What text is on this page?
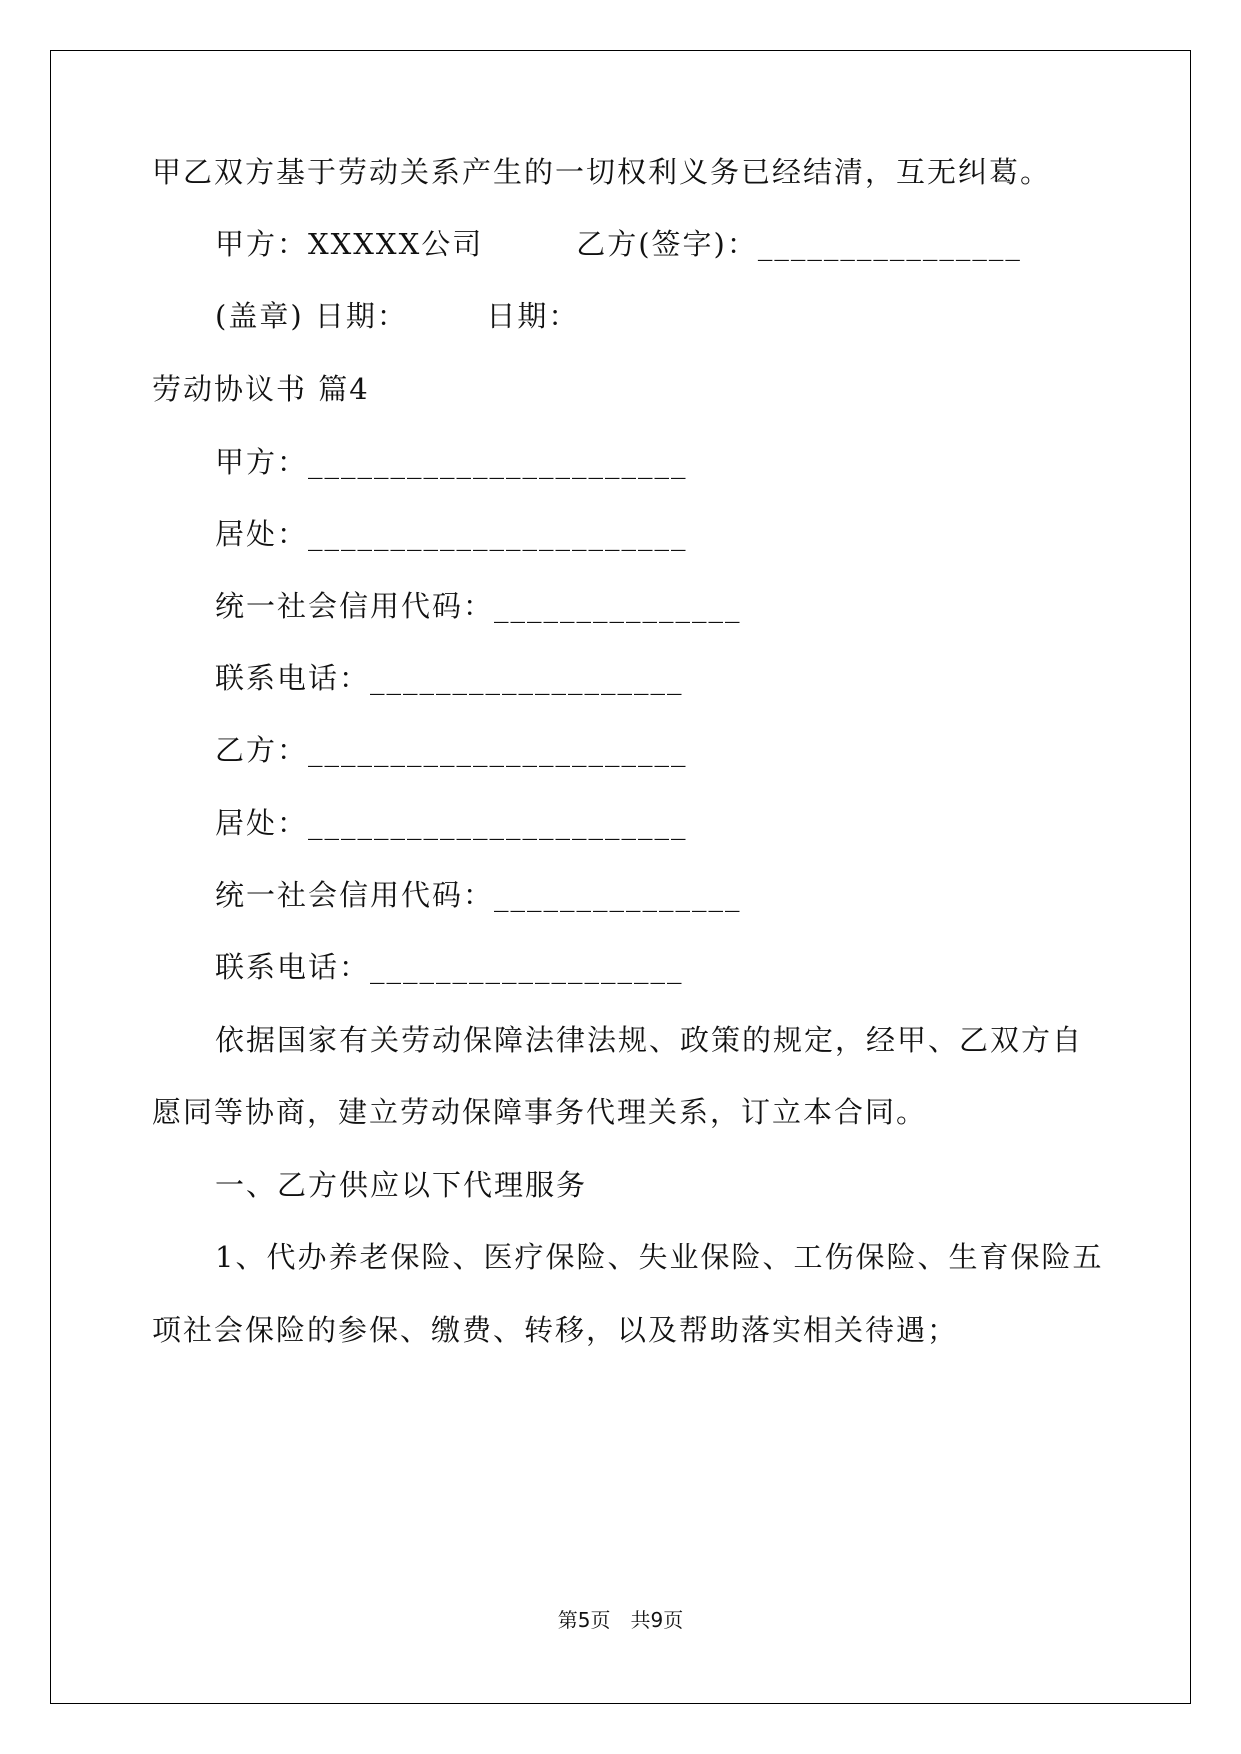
甲乙双方基于劳动关系产生的一切权利义务已经结清，互无纠葛。
甲方：XXXXX公司　　　乙方(签字)：________________
(盖章) 日期：　　　日期：
劳动协议书 篇4
甲方：_______________________
居处：_______________________
统一社会信用代码：_______________
联系电话：___________________
乙方：_______________________
居处：_______________________
统一社会信用代码：_______________
联系电话：___________________
依据国家有关劳动保障法律法规、政策的规定，经甲、乙双方自
愿同等协商，建立劳动保障事务代理关系，订立本合同。
一、乙方供应以下代理服务
1、代办养老保险、医疗保险、失业保险、工伤保险、生育保险五
项社会保险的参保、缴费、转移，以及帮助落实相关待遇；
第5页　共9页
